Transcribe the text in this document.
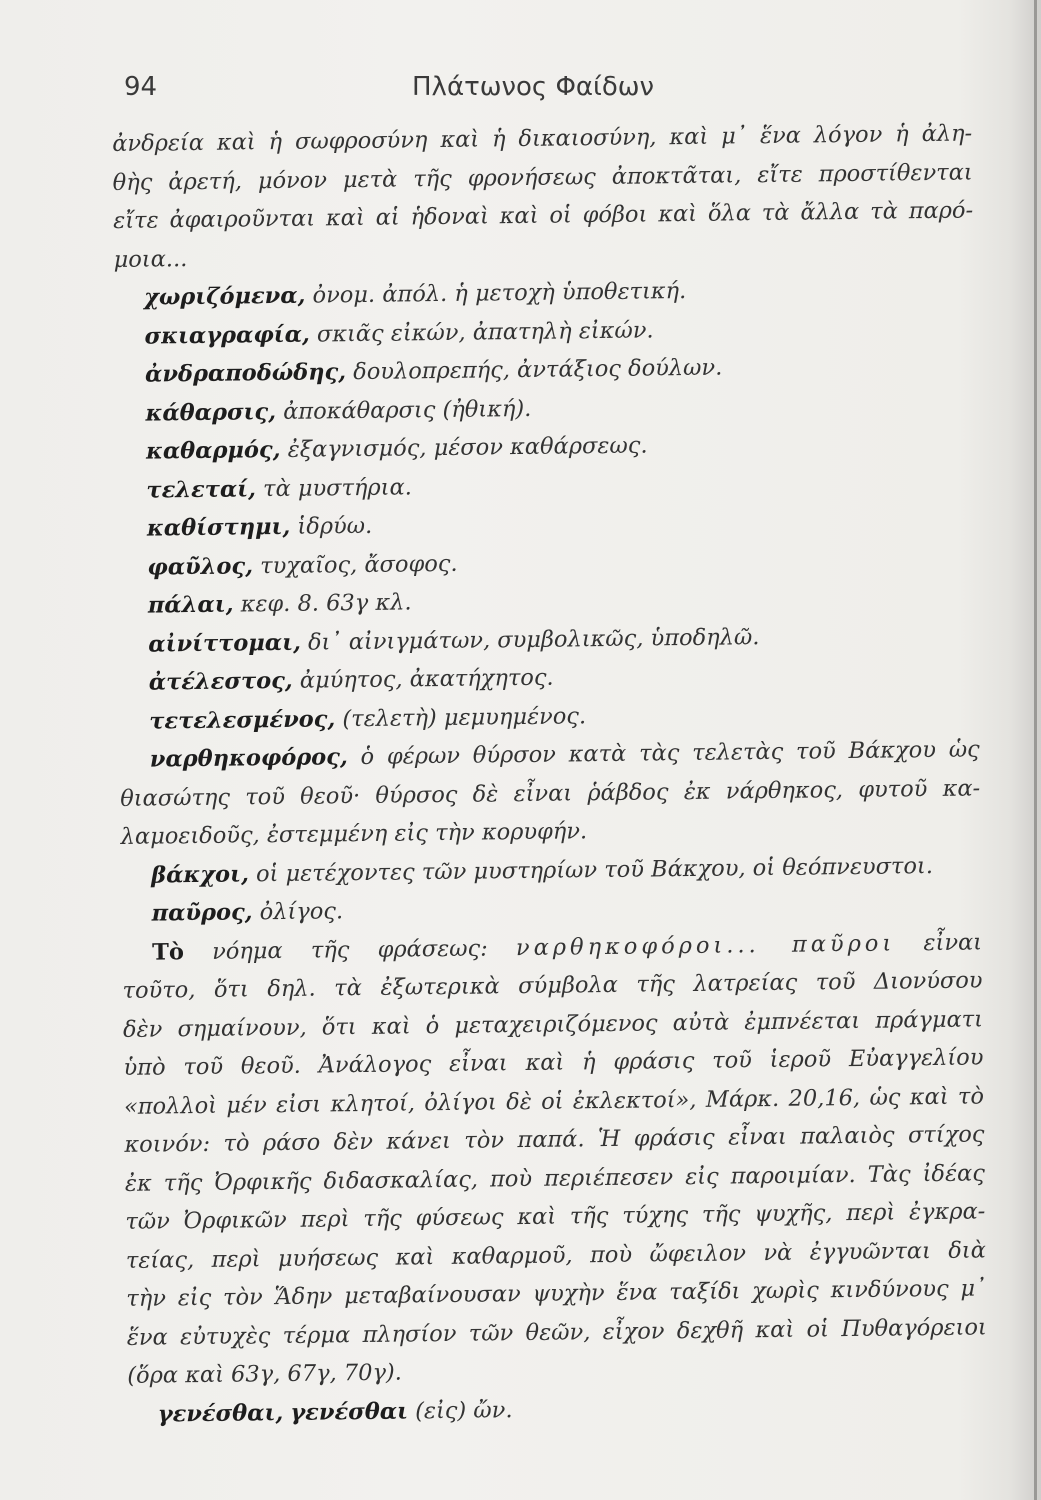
94	Πλάτωνος Φαίδων
ἀνδρεία καὶ ἡ σωφροσύνη καὶ ἡ δικαιοσύνη, καὶ μ᾽ ἕνα λόγον ἡ ἀλη-
θὴς ἀρετή, μόνον μετὰ τῆς φρονήσεως ἀποκτᾶται, εἴτε προστίθενται
εἴτε ἀφαιροῦνται καὶ αἱ ἡδοναὶ καὶ οἱ φόβοι καὶ ὅλα τὰ ἄλλα τὰ παρό-
μοια...
χωριζόμενα, ὀνομ. ἀπόλ. ἡ μετοχὴ ὑποθετική.
σκιαγραφία, σκιᾶς εἰκών, ἀπατηλὴ εἰκών.
ἀνδραποδώδης, δουλοπρεπής, ἀντάξιος δούλων.
κάθαρσις, ἀποκάθαρσις (ἠθική).
καθαρμός, ἐξαγνισμός, μέσον καθάρσεως.
τελεταί, τὰ μυστήρια.
καθίστημι, ἱδρύω.
φαῦλος, τυχαῖος, ἄσοφος.
πάλαι, κεφ. 8. 63γ κλ.
αἰνίττομαι, δι᾽ αἰνιγμάτων, συμβολικῶς, ὑποδηλῶ.
ἀτέλεστος, ἀμύητος, ἀκατήχητος.
τετελεσμένος, (τελετὴ) μεμυημένος.
ναρθηκοφόρος, ὁ φέρων θύρσον κατὰ τὰς τελετὰς τοῦ Βάκχου ὡς
θιασώτης τοῦ θεοῦ· θύρσος δὲ εἶναι ῥάβδος ἐκ νάρθηκος, φυτοῦ κα-
λαμοειδοῦς, ἐστεμμένη εἰς τὴν κορυφήν.
βάκχοι, οἱ μετέχοντες τῶν μυστηρίων τοῦ Βάκχου, οἱ θεόπνευστοι.
παῦρος, ὀλίγος.
Τὸ νόημα τῆς φράσεως: ναρθηκοφόροι... παῦροι εἶναι
τοῦτο, ὅτι δηλ. τὰ ἐξωτερικὰ σύμβολα τῆς λατρείας τοῦ Διονύσου
δὲν σημαίνουν, ὅτι καὶ ὁ μεταχειριζόμενος αὐτὰ ἐμπνέεται πράγματι
ὑπὸ τοῦ θεοῦ. Ἀνάλογος εἶναι καὶ ἡ φράσις τοῦ ἱεροῦ Εὐαγγελίου
«πολλοὶ μέν εἰσι κλητοί, ὀλίγοι δὲ οἱ ἐκλεκτοί», Μάρκ. 20,16, ὡς καὶ τὸ
κοινόν: τὸ ράσο δὲν κάνει τὸν παπά. Ἡ φράσις εἶναι παλαιὸς στίχος
ἐκ τῆς Ὀρφικῆς διδασκαλίας, ποὺ περιέπεσεν εἰς παροιμίαν. Τὰς ἰδέας
τῶν Ὀρφικῶν περὶ τῆς φύσεως καὶ τῆς τύχης τῆς ψυχῆς, περὶ ἐγκρα-
τείας, περὶ μυήσεως καὶ καθαρμοῦ, ποὺ ὤφειλον νὰ ἐγγυῶνται διὰ
τὴν εἰς τὸν Ἅδην μεταβαίνουσαν ψυχὴν ἕνα ταξίδι χωρὶς κινδύνους μ᾽
ἕνα εὐτυχὲς τέρμα πλησίον τῶν θεῶν, εἶχον δεχθῆ καὶ οἱ Πυθαγόρειοι
(ὅρα καὶ 63γ, 67γ, 70γ).
γενέσθαι, γενέσθαι (εἰς) ὤν.
